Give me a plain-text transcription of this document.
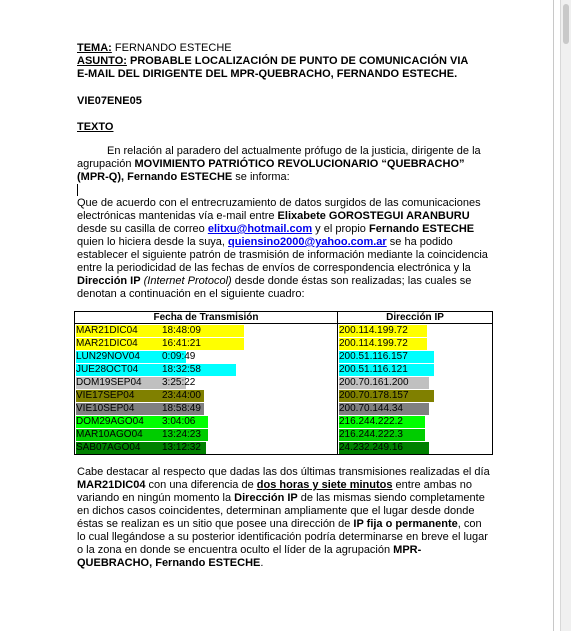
TEMA: FERNANDO ESTECHE

ASUNTO: PROBABLE LOCALIZACIÓN DE PUNTO DE COMUNICACIÓN VIA

E-MAIL DEL DIRIGENTE DEL MPR-QUEBRACHO, FERNANDO ESTECHE.

VIE07ENE05
TEXTO
En relación al paradero del actualmente prófugo de la justicia, dirigente de la agrupación MOVIMIENTO PATRIÓTICO REVOLUCIONARIO “QUEBRACHO” (MPR-Q), Fernando ESTECHE se informa:
Que de acuerdo con el entrecruzamiento de datos surgidos de las comunicaciones electrónicas mantenidas vía e-mail entre Elixabete GOROSTEGUI ARANBURU desde su casilla de correo elitxu@hotmail.com y el propio Fernando ESTECHE quien lo hiciera desde la suya, quiensino2000@yahoo.com.ar se ha podido establecer el siguiente patrón de trasmisión de información mediante la coincidencia entre la periodicidad de las fechas de envíos de correspondencia electrónica y la Dirección IP (Internet Protocol) desde donde éstas son realizadas; las cuales se denotan a continuación en el siguiente cuadro:
Fecha de Transmisión	Dirección IP
MAR21DIC04 18:48:09	200.114.199.72
MAR21DIC04 16:41:21	200.114.199.72
LUN29NOV04 0:09:49	200.51.116.157
JUE28OCT04 18:32:58	200.51.116.121
DOM19SEP04 3:25:22	200.70.161.200
VIE17SEP04 23:44:00	200.70.178.157
VIE10SEP04 18:58:49	200.70.144.34
DOM29AGO04 3:04:06	216.244.222.2
MAR10AGO04 13:24:23	216.244.222.3
SAB07AGO04 13:12:32	24.232.249.16
Cabe destacar al respecto que dadas las dos últimas transmisiones realizadas el día MAR21DIC04 con una diferencia de dos horas y siete minutos entre ambas no variando en ningún momento la Dirección IP de las mismas siendo completamente en dichos casos coincidentes, determinan ampliamente que el lugar desde donde éstas se realizan es un sitio que posee una dirección de IP fija o permanente, con lo cual llegándose a su posterior identificación podría determinarse en breve el lugar o la zona en donde se encuentra oculto el líder de la agrupación MPR-QUEBRACHO, Fernando ESTECHE.
